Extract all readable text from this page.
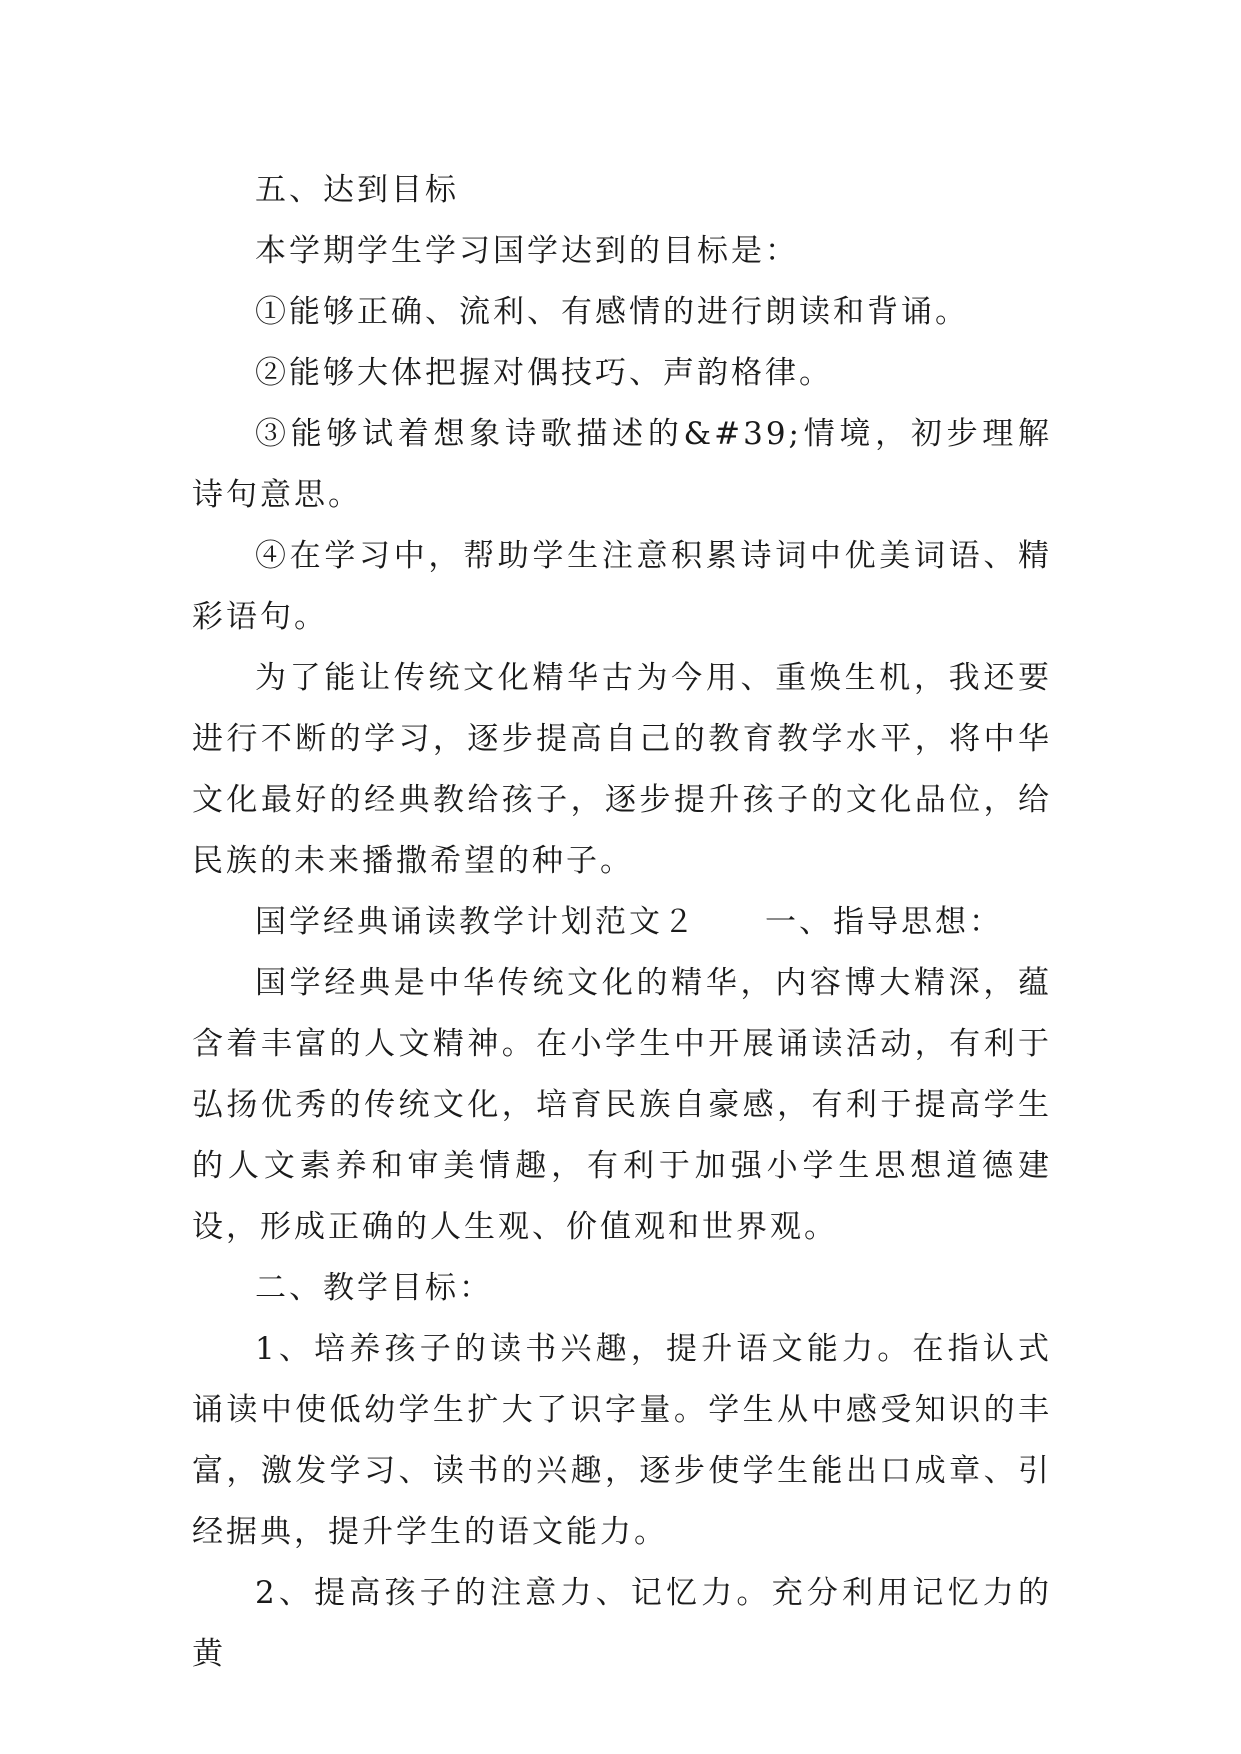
五、达到目标

本学期学生学习国学达到的目标是：

①能够正确、流利、有感情的进行朗读和背诵。

②能够大体把握对偶技巧、声韵格律。

③能够试着想象诗歌描述的&#39;情境，初步理解诗句意思。

④在学习中，帮助学生注意积累诗词中优美词语、精彩语句。

为了能让传统文化精华古为今用、重焕生机，我还要进行不断的学习，逐步提高自己的教育教学水平，将中华文化最好的经典教给孩子，逐步提升孩子的文化品位，给民族的未来播撒希望的种子。

国学经典诵读教学计划范文２　　一、指导思想：

国学经典是中华传统文化的精华，内容博大精深，蕴含着丰富的人文精神。在小学生中开展诵读活动，有利于弘扬优秀的传统文化，培育民族自豪感，有利于提高学生的人文素养和审美情趣，有利于加强小学生思想道德建设，形成正确的人生观、价值观和世界观。

二、教学目标：

1、培养孩子的读书兴趣，提升语文能力。在指认式诵读中使低幼学生扩大了识字量。学生从中感受知识的丰富，激发学习、读书的兴趣，逐步使学生能出口成章、引经据典，提升学生的语文能力。

2、提高孩子的注意力、记忆力。充分利用记忆力的黄
